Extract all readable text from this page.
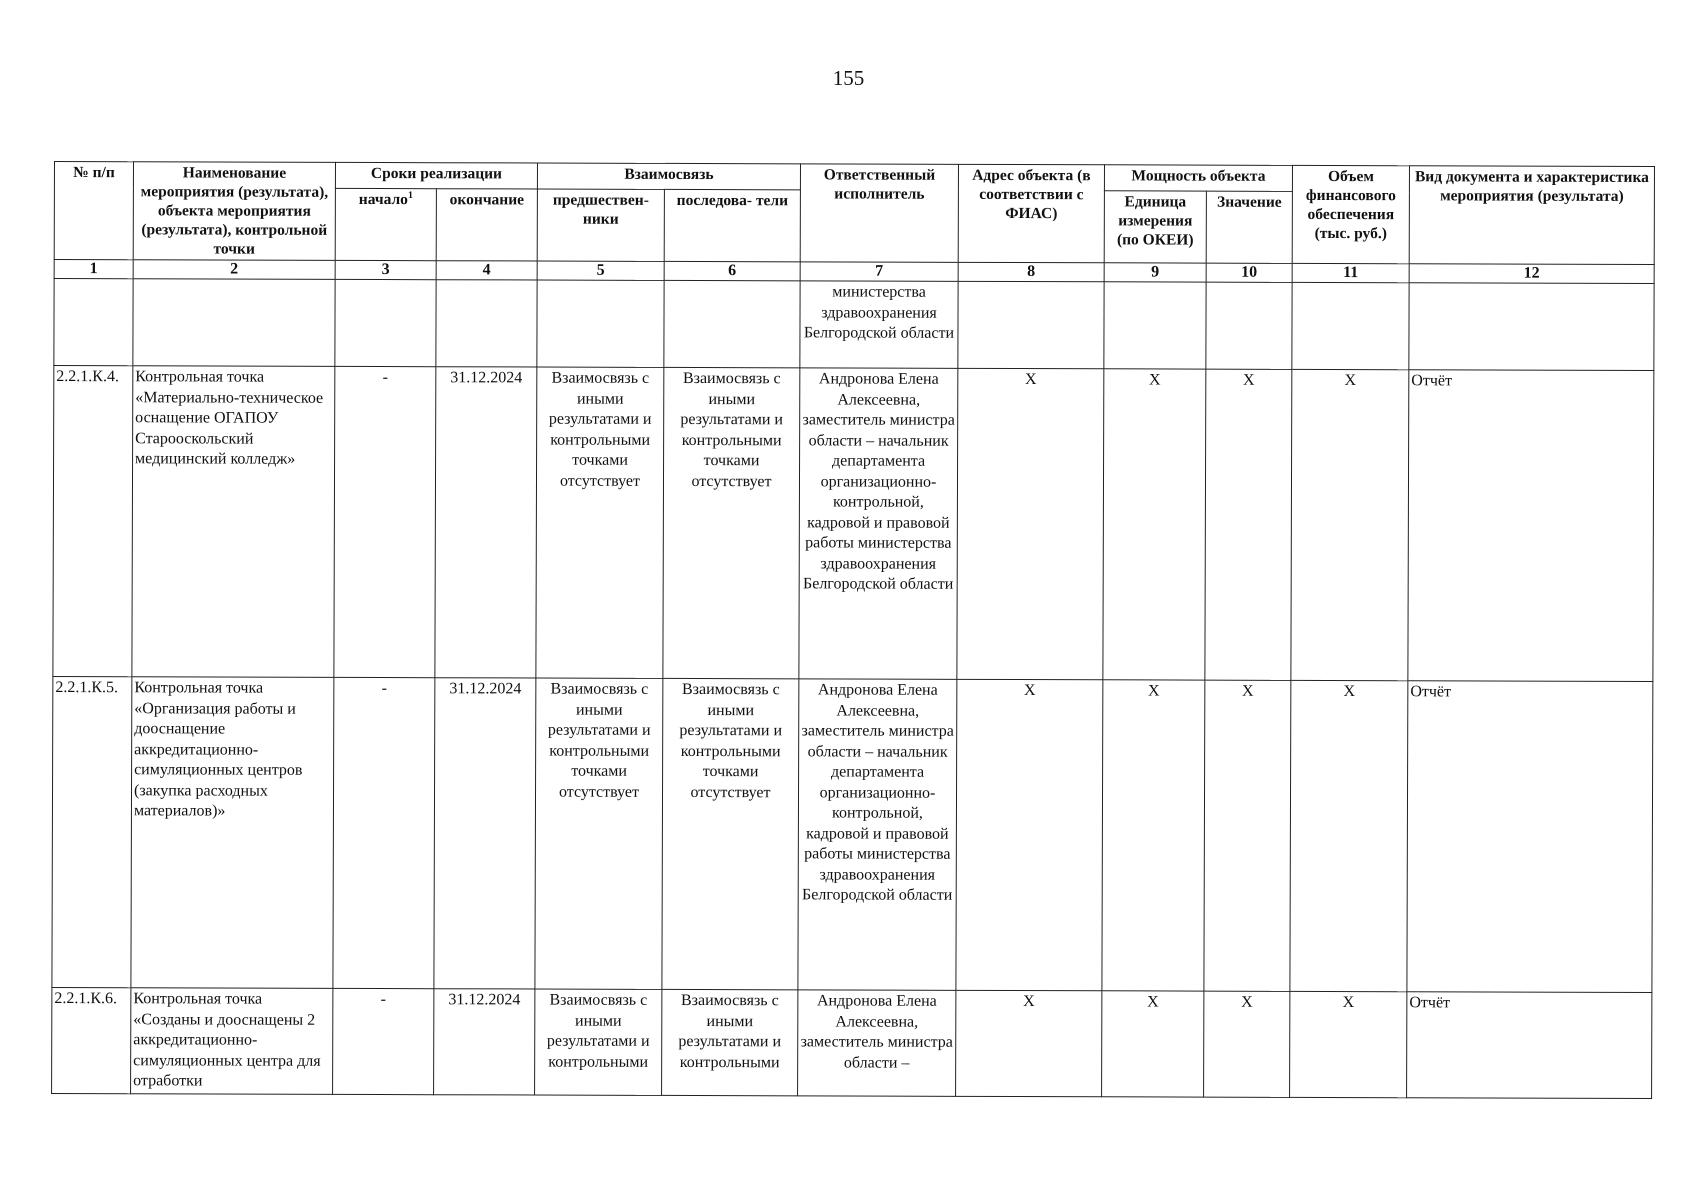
155
№ п/п	Наименование мероприятия (результата), объекта мероприятия (результата), контрольной точки	Сроки реализации		Взаимосвязь		Ответственный исполнитель	Адрес объекта (в соответствии с ФИАС)	Мощность объекта		Объем финансового обеспечения (тыс. руб.)	Вид документа и характеристика мероприятия (результата)
		начало$^1$	окончание	предшествен- ники	последова- тели			Единица измерения (по ОКЕИ)	Значение		
1	2	3	4	5	6	7	8	9	10	11	12
						министерства здравоохранения Белгородской области					
2.2.1.К.4.	Контрольная точка «Материально-техническое оснащение ОГАПОУ Старооскольский медицинский колледж»	-	31.12.2024	Взаимосвязь с иными результатами и контрольными точками отсутствует	Взаимосвязь с иными результатами и контрольными точками отсутствует	Андронова Елена Алексеевна, заместитель министра области – начальник департамента организационно-контрольной, кадровой и правовой работы министерства здравоохранения Белгородской области	X	X	X	X	Отчёт
2.2.1.К.5.	Контрольная точка «Организация работы и дооснащение аккредитационно-симуляционных центров (закупка расходных материалов)»	-	31.12.2024	Взаимосвязь с иными результатами и контрольными точками отсутствует	Взаимосвязь с иными результатами и контрольными точками отсутствует	Андронова Елена Алексеевна, заместитель министра области – начальник департамента организационно-контрольной, кадровой и правовой работы министерства здравоохранения Белгородской области	X	X	X	X	Отчёт
2.2.1.К.6.	Контрольная точка «Созданы и дооснащены 2 аккредитационно-симуляционных центра для отработки	-	31.12.2024	Взаимосвязь с иными результатами и контрольными	Взаимосвязь с иными результатами и контрольными	Андронова Елена Алексеевна, заместитель министра области –	X	X	X	X	Отчёт
